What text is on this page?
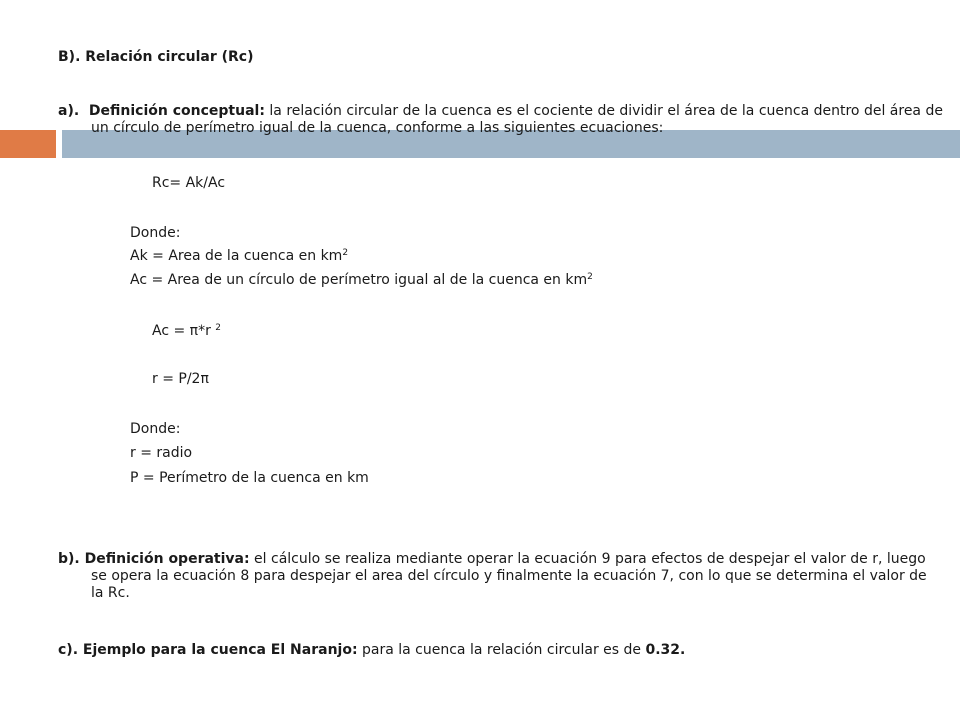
B). Relación circular (Rc)
a). Definición conceptual: la relación circular de la cuenca es el cociente de dividir el área de la cuenca dentro del área de un círculo de perímetro igual de la cuenca, conforme a las siguientes ecuaciones:
Rc= Ak/Ac
Donde:
Ak = Area de la cuenca en $km^2$
Ac = Area de un círculo de perímetro igual al de la cuenca en $km^2$
Ac = π*r $^2$
r = P/2π
Donde:
r = radio
P = Perímetro de la cuenca en km
b). Definición operativa: el cálculo se realiza mediante operar la ecuación 9 para efectos de despejar el valor de r, luego se opera la ecuación 8 para despejar el area del círculo y finalmente la ecuación 7, con lo que se determina el valor de la Rc.
c). Ejemplo para la cuenca El Naranjo: para la cuenca la relación circular es de 0.32.
